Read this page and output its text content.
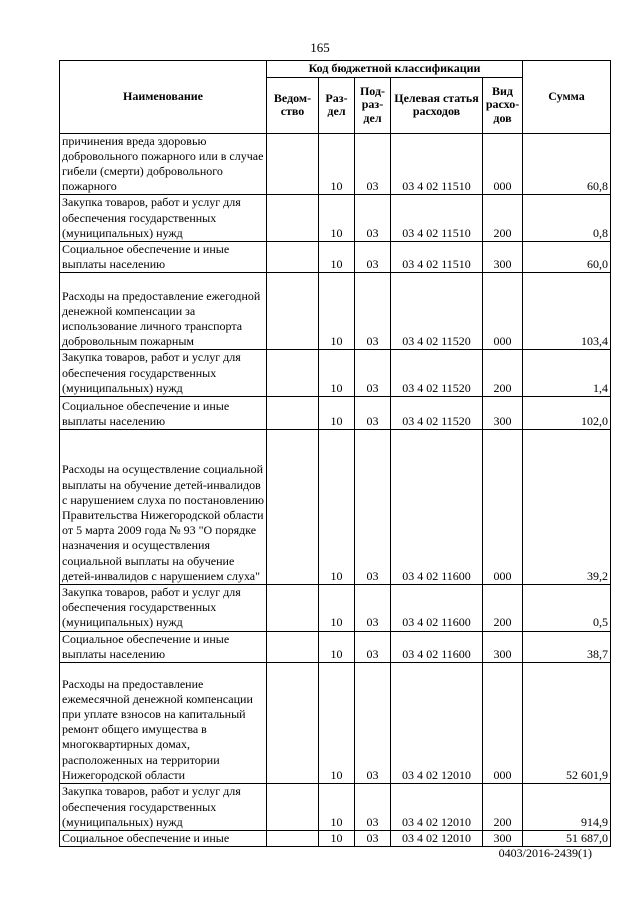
165
Наименование	Код бюджетной классификации					Сумма
	Ведом-ство	Раз-дел	Под-раз-дел	Целевая статья расходов	Вид расхо-дов	
причинения вреда здоровью добровольного пожарного или в случае гибели (смерти) добровольного пожарного		10	03	03 4 02 11510	000	60,8
Закупка товаров, работ и услуг для обеспечения государственных (муниципальных) нужд		10	03	03 4 02 11510	200	0,8
Социальное обеспечение и иные выплаты населению		10	03	03 4 02 11510	300	60,0
Расходы на предоставление ежегодной денежной компенсации за использование личного транспорта добровольным пожарным		10	03	03 4 02 11520	000	103,4
Закупка товаров, работ и услуг для обеспечения государственных (муниципальных) нужд		10	03	03 4 02 11520	200	1,4
Социальное обеспечение и иные выплаты населению		10	03	03 4 02 11520	300	102,0
Расходы на осуществление социальной выплаты на обучение детей-инвалидов с нарушением слуха по постановлению Правительства Нижегородской области от 5 марта 2009 года № 93 "О порядке назначения и осуществления социальной выплаты на обучение детей-инвалидов с нарушением слуха"		10	03	03 4 02 11600	000	39,2
Закупка товаров, работ и услуг для обеспечения государственных (муниципальных) нужд		10	03	03 4 02 11600	200	0,5
Социальное обеспечение и иные выплаты населению		10	03	03 4 02 11600	300	38,7
Расходы на предоставление ежемесячной денежной компенсации при уплате взносов на капитальный ремонт общего имущества в многоквартирных домах, расположенных на территории Нижегородской области		10	03	03 4 02 12010	000	52 601,9
Закупка товаров, работ и услуг для обеспечения государственных (муниципальных) нужд		10	03	03 4 02 12010	200	914,9
Социальное обеспечение и иные		10	03	03 4 02 12010	300	51 687,0
0403/2016-2439(1)
